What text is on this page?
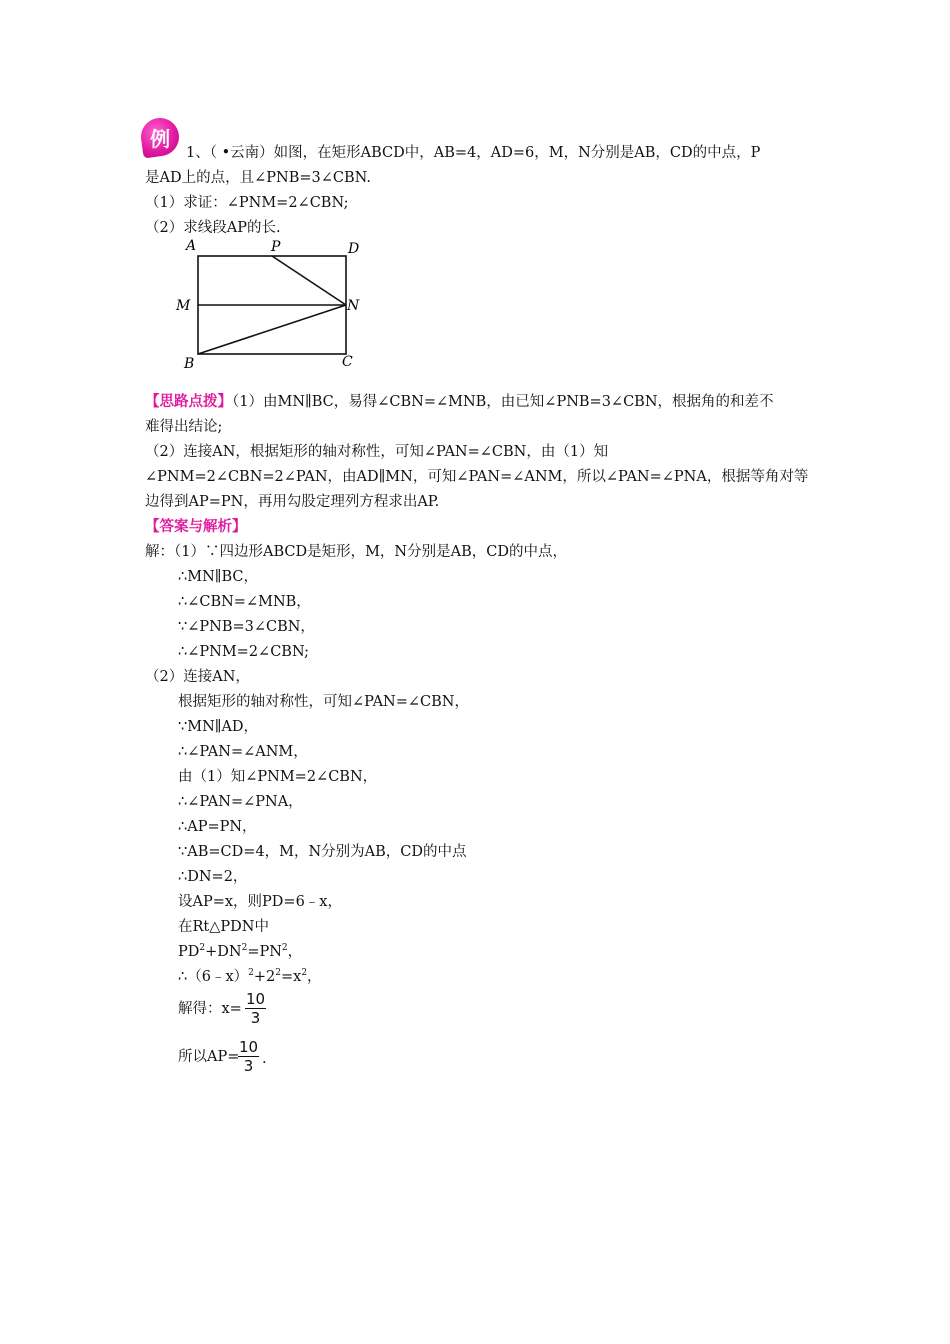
例
1、（ •云南）如图，在矩形ABCD中，AB=4，AD=6，M，N分别是AB，CD的中点，P
是AD上的点，且∠PNB=3∠CBN.
（1）求证：∠PNM=2∠CBN;
（2）求线段AP的长.
A	P	D
M	N
B	C
【思路点拨】（1）由MN∥BC，易得∠CBN=∠MNB，由已知∠PNB=3∠CBN，根据角的和差不
难得出结论;
（2）连接AN，根据矩形的轴对称性，可知∠PAN=∠CBN，由（1）知
∠PNM=2∠CBN=2∠PAN，由AD∥MN，可知∠PAN=∠ANM，所以∠PAN=∠PNA，根据等角对等
边得到AP=PN，再用勾股定理列方程求出AP.
【答案与解析】
解：（1）∵四边形ABCD是矩形，M，N分别是AB，CD的中点，
∴MN∥BC，
∴∠CBN=∠MNB，
∵∠PNB=3∠CBN，
∴∠PNM=2∠CBN;
（2）连接AN，
根据矩形的轴对称性，可知∠PAN=∠CBN，
∵MN∥AD，
∴∠PAN=∠ANM，
由（1）知∠PNM=2∠CBN，
∴∠PAN=∠PNA，
∴AP=PN，
∵AB=CD=4，M，N分别为AB，CD的中点
∴DN=2，
设AP=x，则PD=6﹣x，
在Rt△PDN中
$PD^2+DN^2=PN^2$，
$\therefore(6﹣x)^2+2^2=x^2$，
解得：$x= \frac{10}{3}$
所以AP=
$\frac{10}{3}$ .
